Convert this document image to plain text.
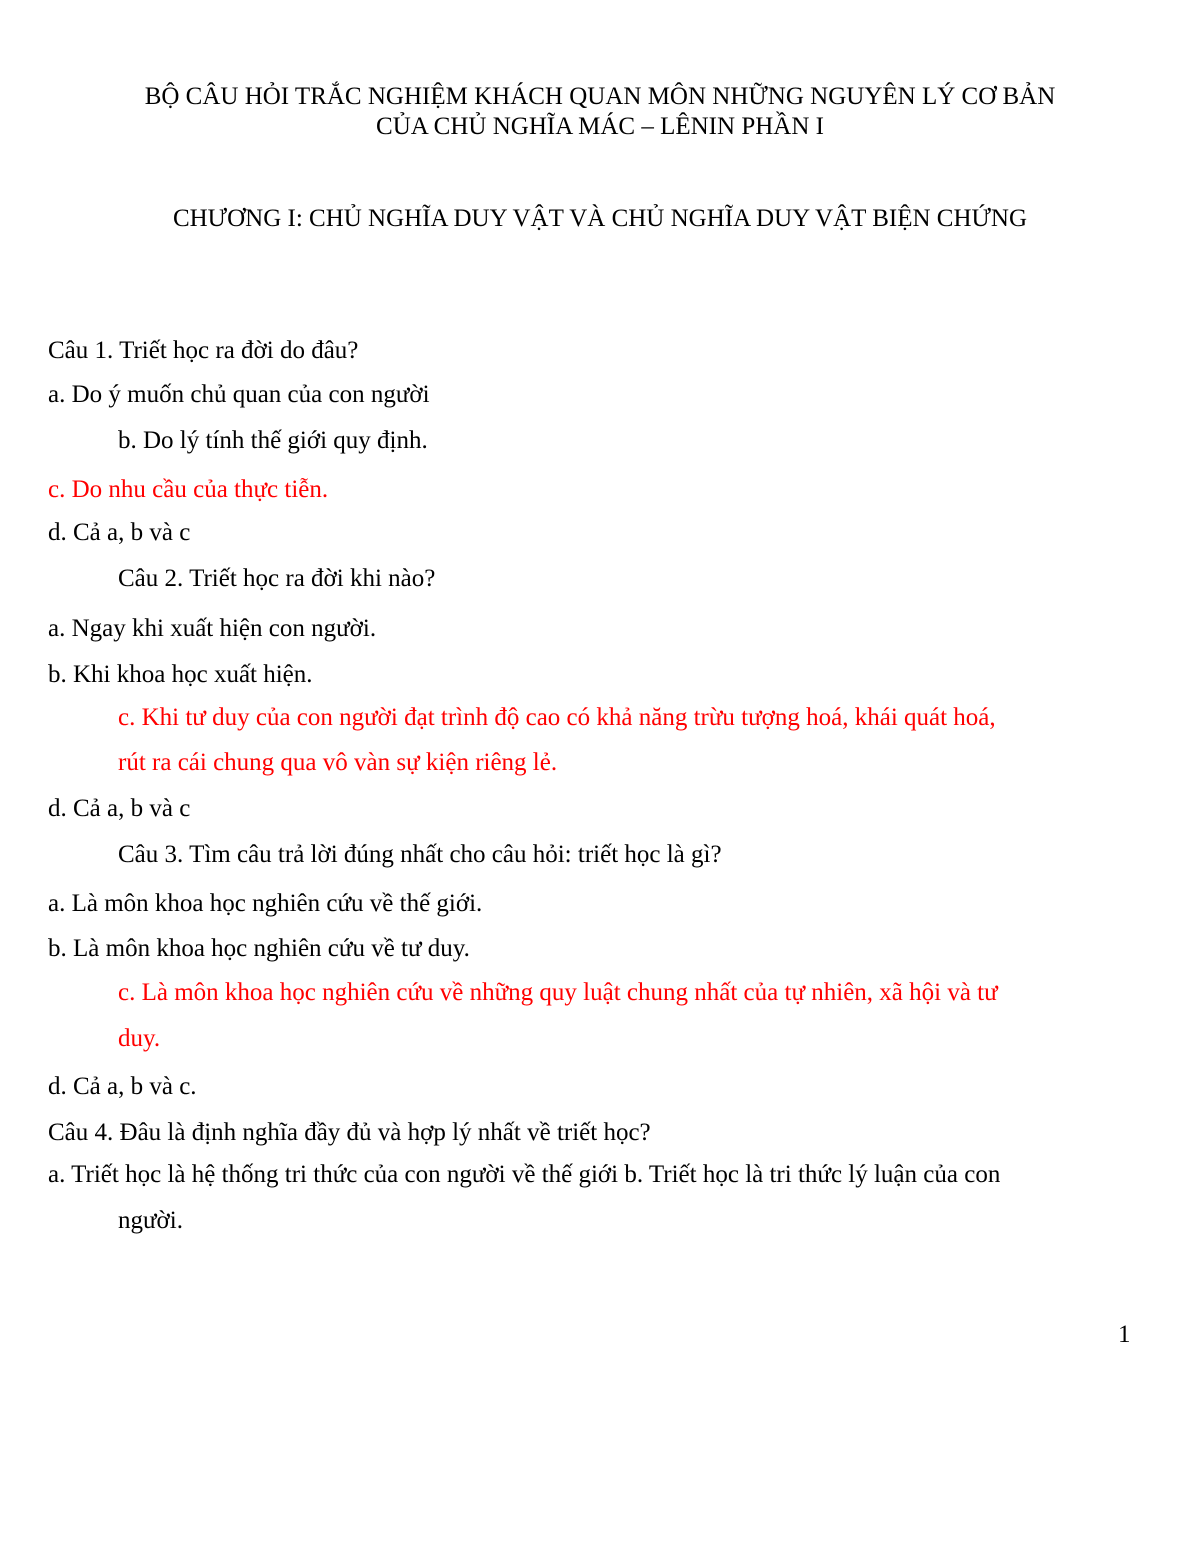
BỘ CÂU HỎI TRẮC NGHIỆM KHÁCH QUAN MÔN NHỮNG NGUYÊN LÝ CƠ BẢN
CỦA CHỦ NGHĨA MÁC – LÊNIN PHẦN I
CHƯƠNG I: CHỦ NGHĨA DUY VẬT VÀ CHỦ NGHĨA DUY VẬT BIỆN CHỨNG

Câu 1. Triết học ra đời do đâu?

a. Do ý muốn chủ quan của con người

b. Do lý tính thế giới quy định.

c. Do nhu cầu của thực tiễn.

d. Cả a, b và c

Câu 2. Triết học ra đời khi nào?

a. Ngay khi xuất hiện con người.

b. Khi khoa học xuất hiện.

c. Khi tư duy của con người đạt trình độ cao có khả năng trừu tượng hoá, khái quát hoá,

rút ra cái chung qua vô vàn sự kiện riêng lẻ.

d. Cả a, b và c

Câu 3. Tìm câu trả lời đúng nhất cho câu hỏi: triết học là gì?

a. Là môn khoa học nghiên cứu về thế giới.

b. Là môn khoa học nghiên cứu về tư duy.

c. Là môn khoa học nghiên cứu về những quy luật chung nhất của tự nhiên, xã hội và tư

duy.

d. Cả a, b và c.

Câu 4. Đâu là định nghĩa đầy đủ và hợp lý nhất về triết học?

a. Triết học là hệ thống tri thức của con người về thế giới b. Triết học là tri thức lý luận của con

người.

1
